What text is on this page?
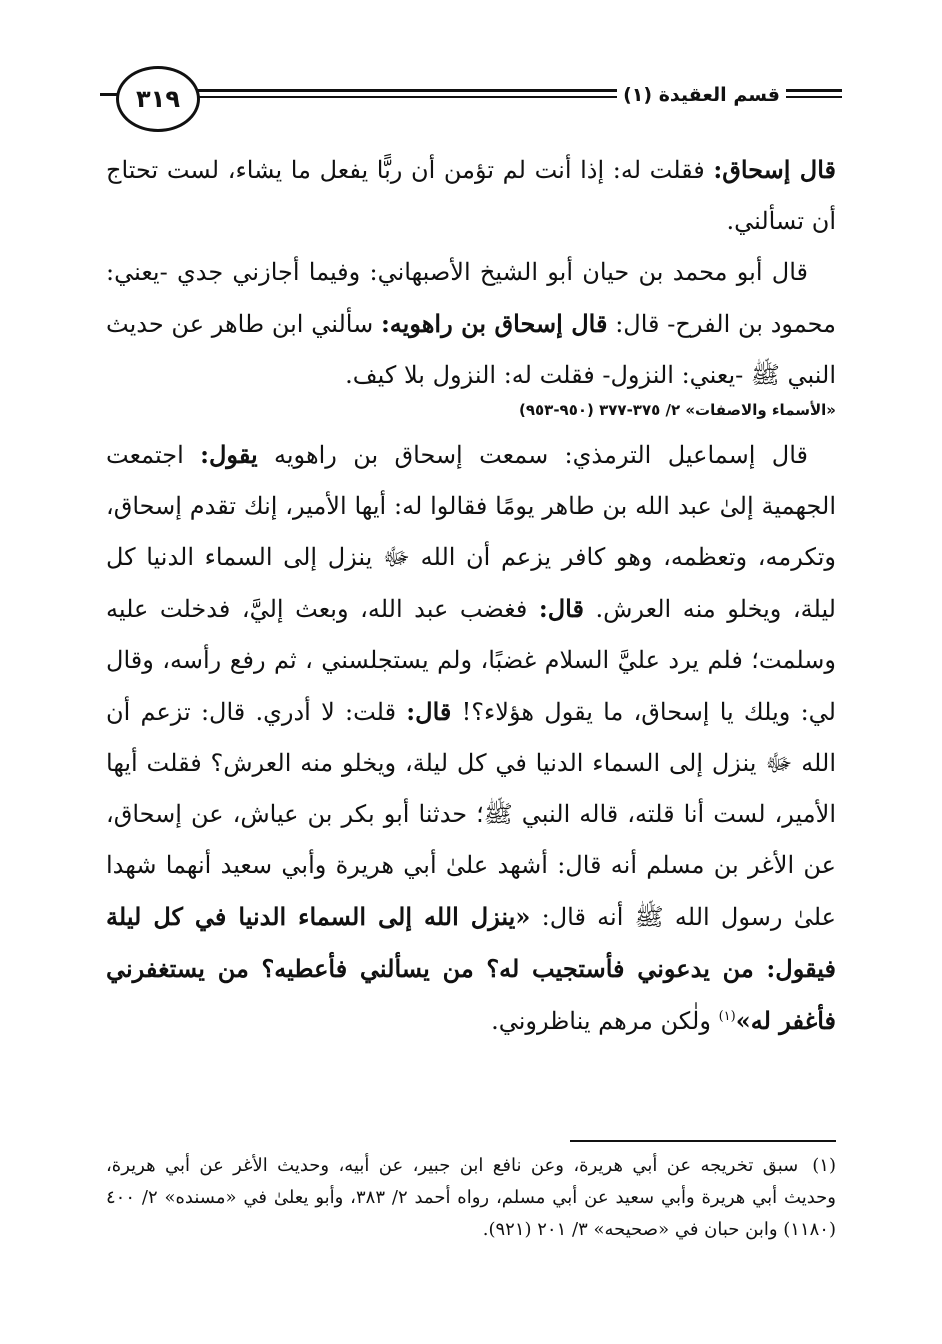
قسم العقيدة (١)
٣١٩

قال إسحاق: فقلت له: إذا أنت لم تؤمن أن ربًّا يفعل ما يشاء، لست تحتاج أن تسألني.

قال أبو محمد بن حيان أبو الشيخ الأصبهاني: وفيما أجازني جدي -يعني: محمود بن الفرح- قال: قال إسحاق بن راهويه: سألني ابن طاهر عن حديث النبي ﷺ -يعني: النزول- فقلت له: النزول بلا كيف.

«الأسماء والاصفات» ٢/ ٣٧٥-٣٧٧ (٩٥٠-٩٥٣)

قال إسماعيل الترمذي: سمعت إسحاق بن راهويه يقول: اجتمعت الجهمية إلىٰ عبد الله بن طاهر يومًا فقالوا له: أيها الأمير، إنك تقدم إسحاق، وتكرمه، وتعظمه، وهو كافر يزعم أن الله ﷻ ينزل إلى السماء الدنيا كل ليلة، ويخلو منه العرش. قال: فغضب عبد الله، وبعث إليَّ، فدخلت عليه وسلمت؛ فلم يرد عليَّ السلام غضبًا، ولم يستجلسني ، ثم رفع رأسه، وقال لي: ويلك يا إسحاق، ما يقول هؤلاء؟! قال: قلت: لا أدري. قال: تزعم أن الله ﷻ ينزل إلى السماء الدنيا في كل ليلة، ويخلو منه العرش؟ فقلت أيها الأمير، لست أنا قلته، قاله النبي ﷺ؛ حدثنا أبو بكر بن عياش، عن إسحاق، عن الأغر بن مسلم أنه قال: أشهد علىٰ أبي هريرة وأبي سعيد أنهما شهدا علىٰ رسول الله ﷺ أنه قال: «ينزل الله إلى السماء الدنيا في كل ليلة فيقول: من يدعوني فأستجيب له؟ من يسألني فأعطيه؟ من يستغفرني فأغفر له»$^{(١)}$ ولٰكن مرهم يناظروني.

(١)سبق تخريجه عن أبي هريرة، وعن نافع ابن جبير، عن أبيه، وحديث الأغر عن أبي هريرة، وحديث أبي هريرة وأبي سعيد عن أبي مسلم، رواه أحمد ٢/ ٣٨٣، وأبو يعلىٰ في «مسنده» ٢/ ٤٠٠ (١١٨٠) وابن حبان في «صحيحه» ٣/ ٢٠١ (٩٢١).
